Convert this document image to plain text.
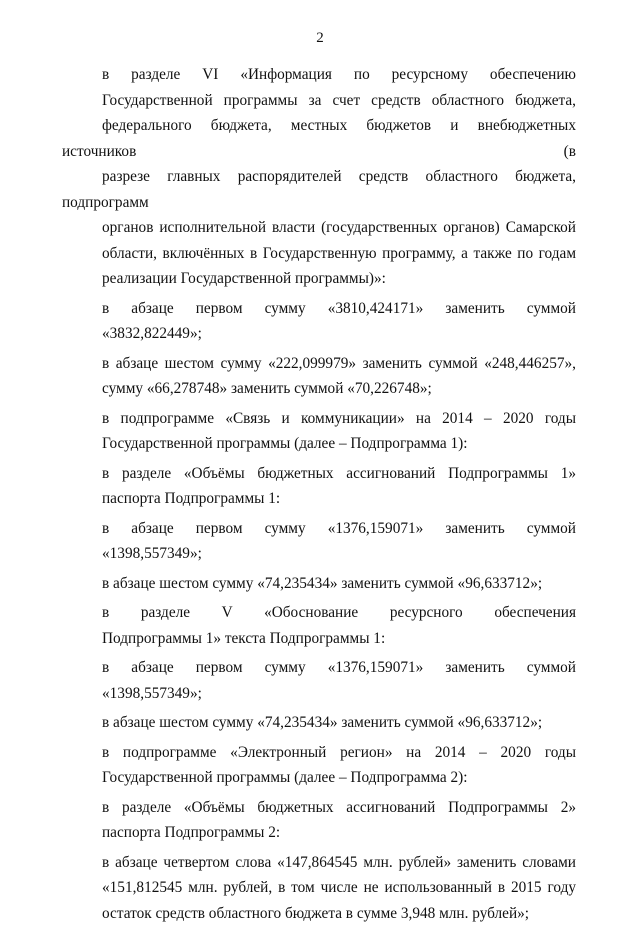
2

в разделе VI «Информация по ресурсному обеспечению
Государственной программы за счет средств областного бюджета,
федерального бюджета, местных бюджетов и внебюджетных источников (в
разрезе главных распорядителей средств областного бюджета, подпрограмм
органов исполнительной власти (государственных органов) Самарской
области, включённых в Государственную программу, а также по годам
реализации Государственной программы)»:

в абзаце первом сумму «3810,424171» заменить суммой
«3832,822449»;

в абзаце шестом сумму «222,099979» заменить суммой «248,446257»,
сумму «66,278748» заменить суммой «70,226748»;

в подпрограмме «Связь и коммуникации» на 2014 – 2020 годы
Государственной программы (далее – Подпрограмма 1):

в разделе «Объёмы бюджетных ассигнований Подпрограммы 1»
паспорта Подпрограммы 1:

в абзаце первом сумму «1376,159071» заменить суммой
«1398,557349»;

в абзаце шестом сумму «74,235434» заменить суммой «96,633712»;

в разделе V «Обоснование ресурсного обеспечения
Подпрограммы 1» текста Подпрограммы 1:

в абзаце первом сумму «1376,159071» заменить суммой
«1398,557349»;

в абзаце шестом сумму «74,235434» заменить суммой «96,633712»;

в подпрограмме «Электронный регион» на 2014 – 2020 годы
Государственной программы (далее – Подпрограмма 2):

в разделе «Объёмы бюджетных ассигнований Подпрограммы 2»
паспорта Подпрограммы 2:

в абзаце четвертом слова «147,864545 млн. рублей» заменить словами
«151,812545 млн. рублей, в том числе не использованный в 2015 году
остаток средств областного бюджета в сумме 3,948 млн. рублей»;
